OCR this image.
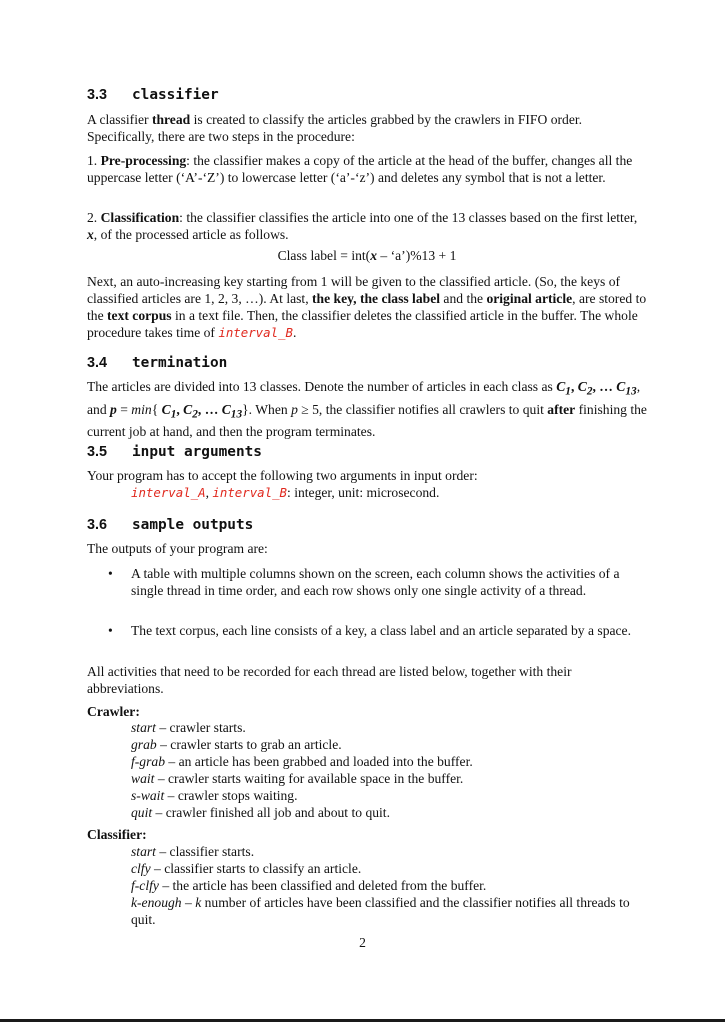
3.3 classifier

A classifier thread is created to classify the articles grabbed by the crawlers in FIFO order. Specifically, there are two steps in the procedure:

1. Pre-processing: the classifier makes a copy of the article at the head of the buffer, changes all the uppercase letter (‘A’-‘Z’) to lowercase letter (‘a’-‘z’) and deletes any symbol that is not a letter.

2. Classification: the classifier classifies the article into one of the 13 classes based on the first letter, x, of the processed article as follows.

Class label = int(x – ‘a’)%13 + 1

Next, an auto-increasing key starting from 1 will be given to the classified article. (So, the keys of classified articles are 1, 2, 3, …). At last, the key, the class label and the original article, are stored to the text corpus in a text file. Then, the classifier deletes the classified article in the buffer. The whole procedure takes time of interval_B.

3.4 termination

The articles are divided into 13 classes. Denote the number of articles in each class as $C_1$, $C_2$, … $C_{13}$, and p = min{ $C_1$, $C_2$, … $C_{13}$}. When p ≥ 5, the classifier notifies all crawlers to quit after finishing the current job at hand, and then the program terminates.

3.5 input arguments

Your program has to accept the following two arguments in input order:

interval_A, interval_B: integer, unit: microsecond.

3.6 sample outputs

The outputs of your program are:

• A table with multiple columns shown on the screen, each column shows the activities of a single thread in time order, and each row shows only one single activity of a thread.
• The text corpus, each line consists of a key, a class label and an article separated by a space.

All activities that need to be recorded for each thread are listed below, together with their abbreviations.

Crawler:

start – crawler starts.
grab – crawler starts to grab an article.
f-grab – an article has been grabbed and loaded into the buffer.
wait – crawler starts waiting for available space in the buffer.
s-wait – crawler stops waiting.
quit – crawler finished all job and about to quit.

Classifier:

start – classifier starts.
clfy – classifier starts to classify an article.
f-clfy – the article has been classified and deleted from the buffer.
k-enough – k number of articles have been classified and the classifier notifies all threads to quit.
2
